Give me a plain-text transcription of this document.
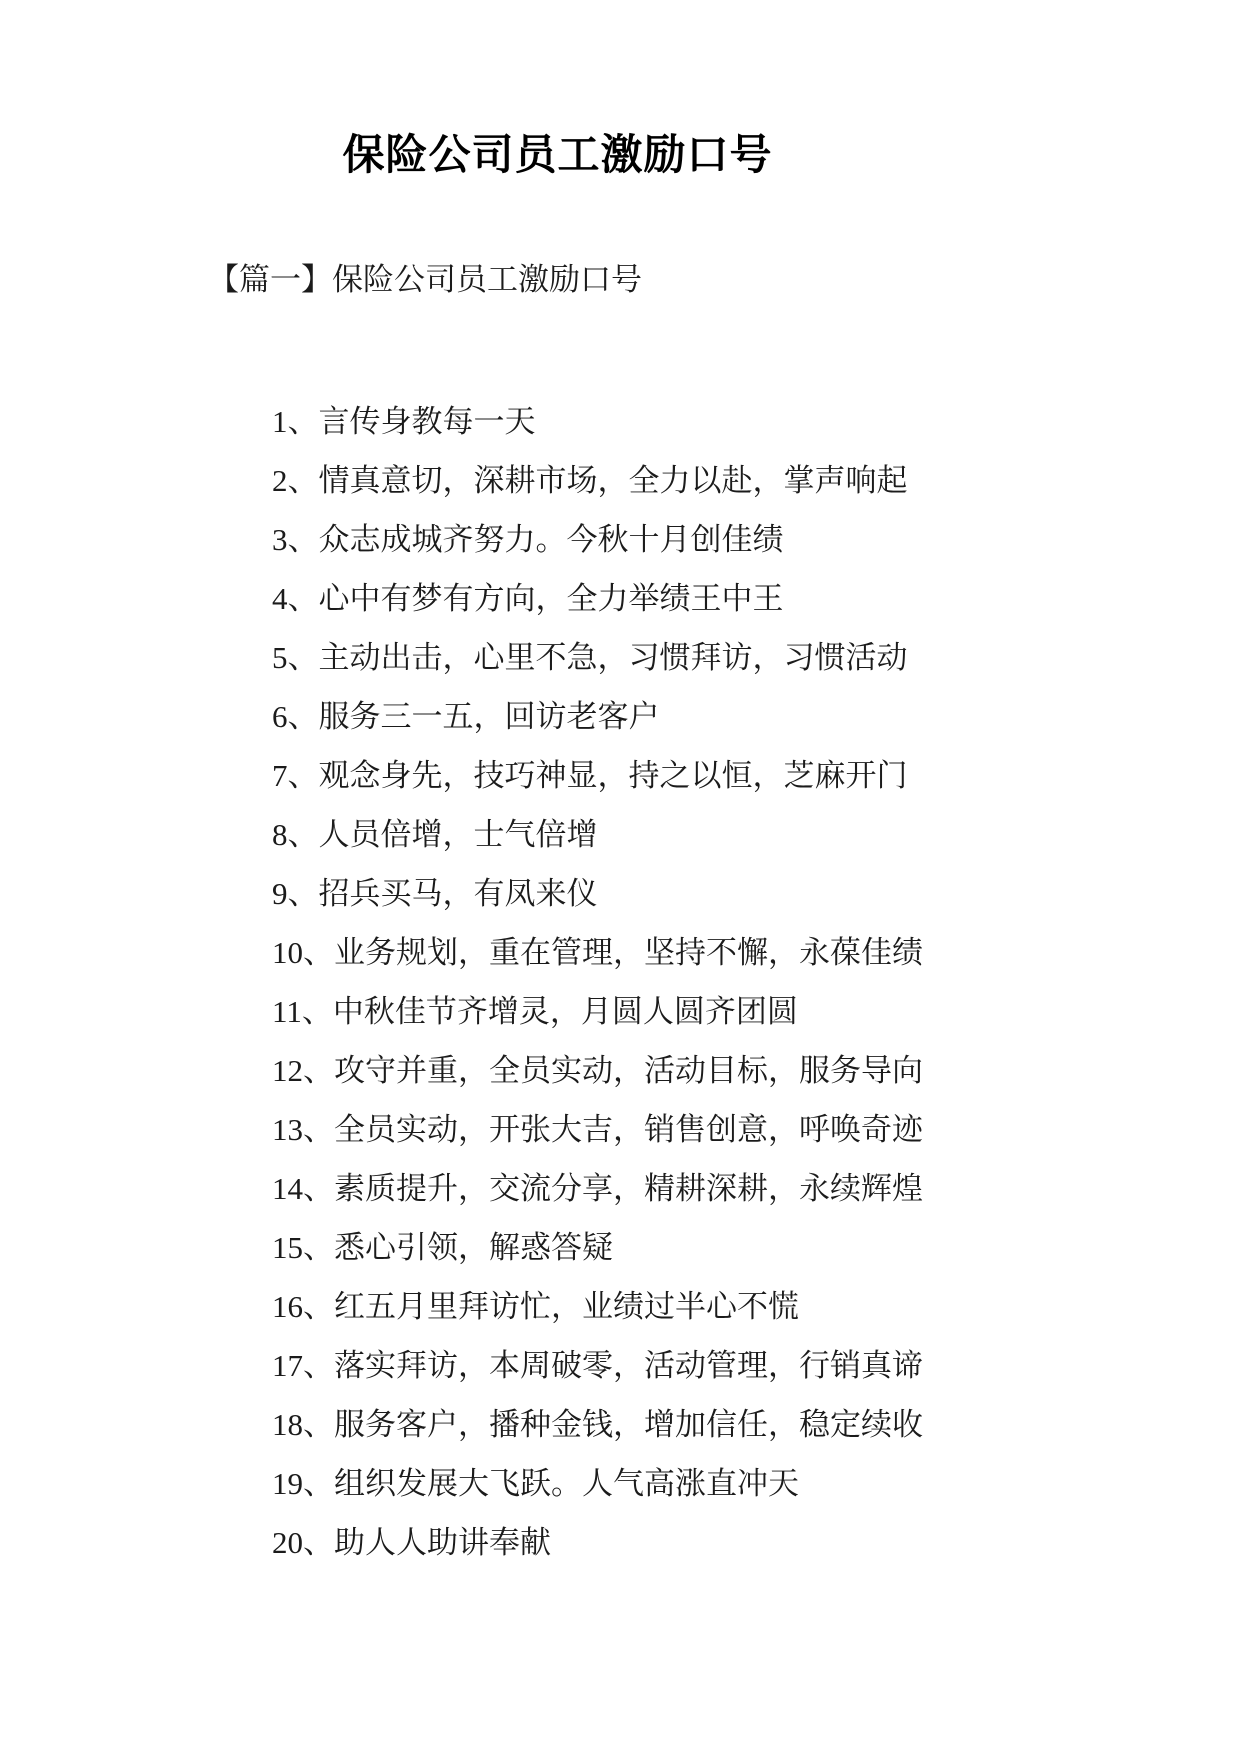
保险公司员工激励口号

【篇一】保险公司员工激励口号

1、言传身教每一天
2、情真意切，深耕市场，全力以赴，掌声响起
3、众志成城齐努力。今秋十月创佳绩
4、心中有梦有方向，全力举绩王中王
5、主动出击，心里不急，习惯拜访，习惯活动
6、服务三一五，回访老客户
7、观念身先，技巧神显，持之以恒，芝麻开门
8、人员倍增，士气倍增
9、招兵买马，有凤来仪
10、业务规划，重在管理，坚持不懈，永葆佳绩
11、中秋佳节齐增灵，月圆人圆齐团圆
12、攻守并重，全员实动，活动目标，服务导向
13、全员实动，开张大吉，销售创意，呼唤奇迹
14、素质提升，交流分享，精耕深耕，永续辉煌
15、悉心引领，解惑答疑
16、红五月里拜访忙，业绩过半心不慌
17、落实拜访，本周破零，活动管理，行销真谛
18、服务客户，播种金钱，增加信任，稳定续收
19、组织发展大飞跃。人气高涨直冲天
20、助人人助讲奉献
